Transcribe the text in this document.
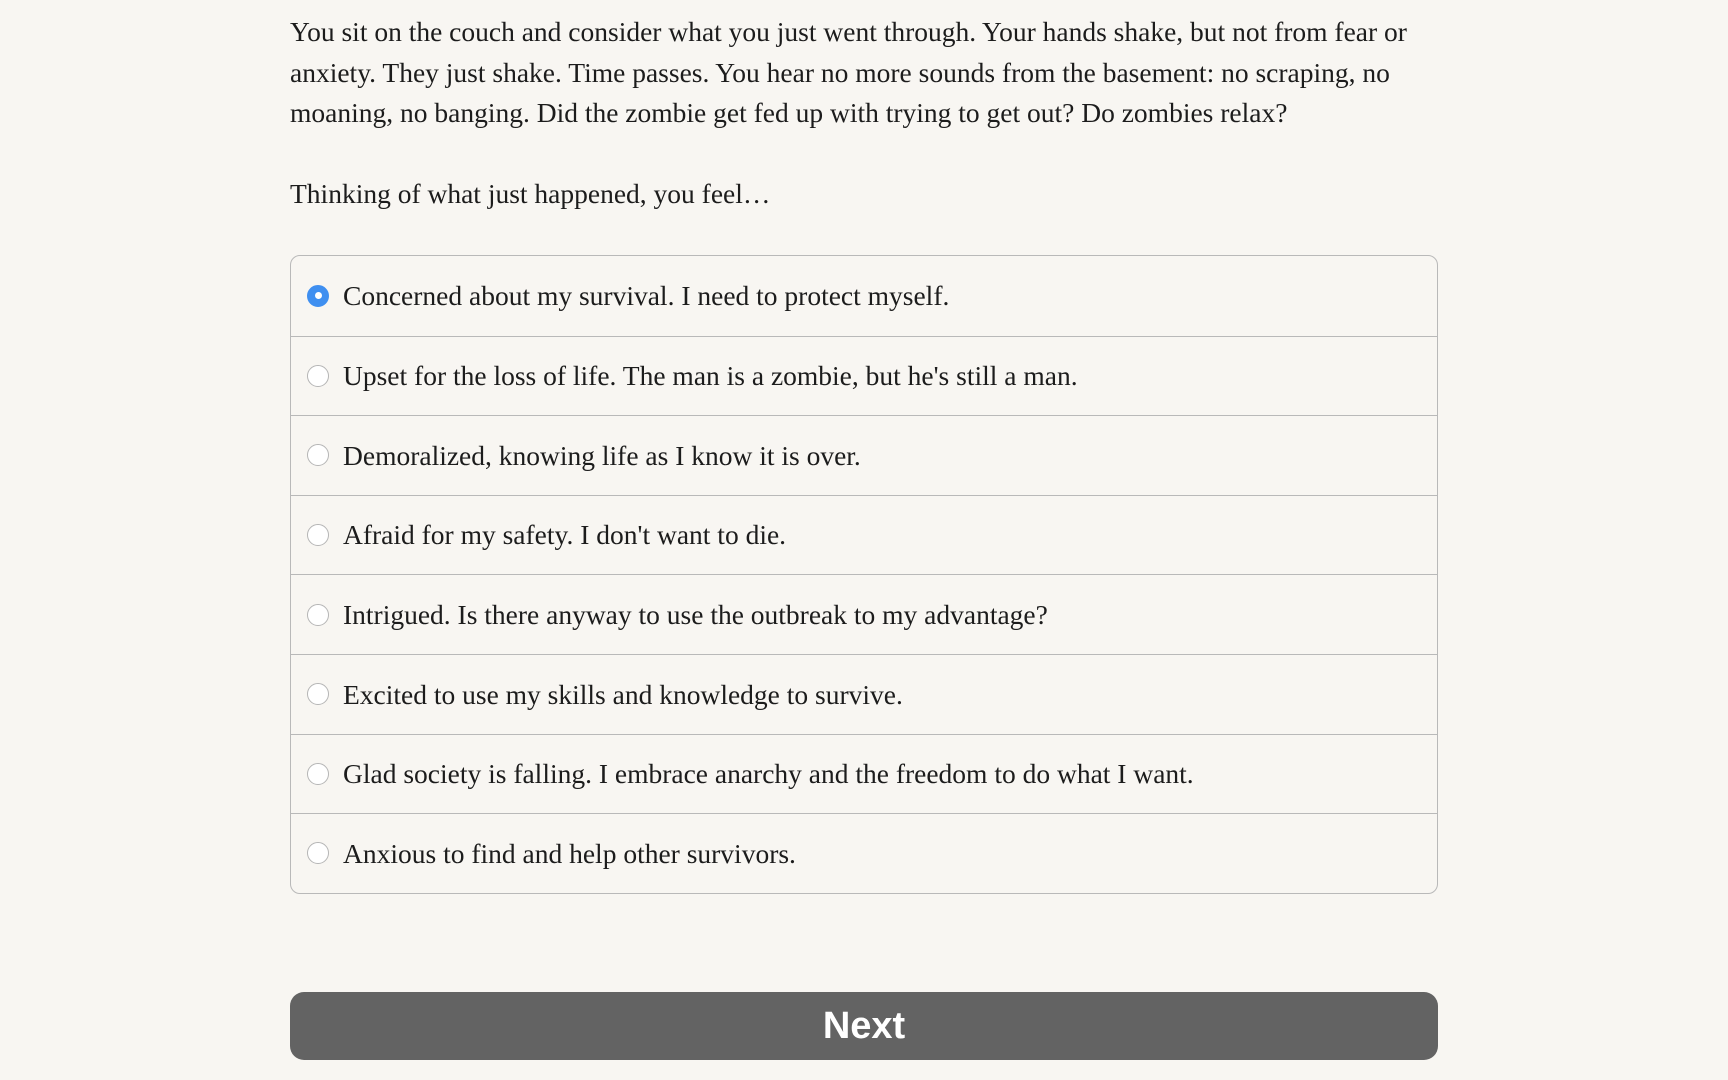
You sit on the couch and consider what you just went through. Your hands shake, but not from fear or anxiety. They just shake. Time passes. You hear no more sounds from the basement: no scraping, no moaning, no banging. Did the zombie get fed up with trying to get out? Do zombies relax?

Thinking of what just happened, you feel…

Concerned about my survival. I need to protect myself.
Upset for the loss of life. The man is a zombie, but he's still a man.
Demoralized, knowing life as I know it is over.
Afraid for my safety. I don't want to die.
Intrigued. Is there anyway to use the outbreak to my advantage?
Excited to use my skills and knowledge to survive.
Glad society is falling. I embrace anarchy and the freedom to do what I want.
Anxious to find and help other survivors.
Next
